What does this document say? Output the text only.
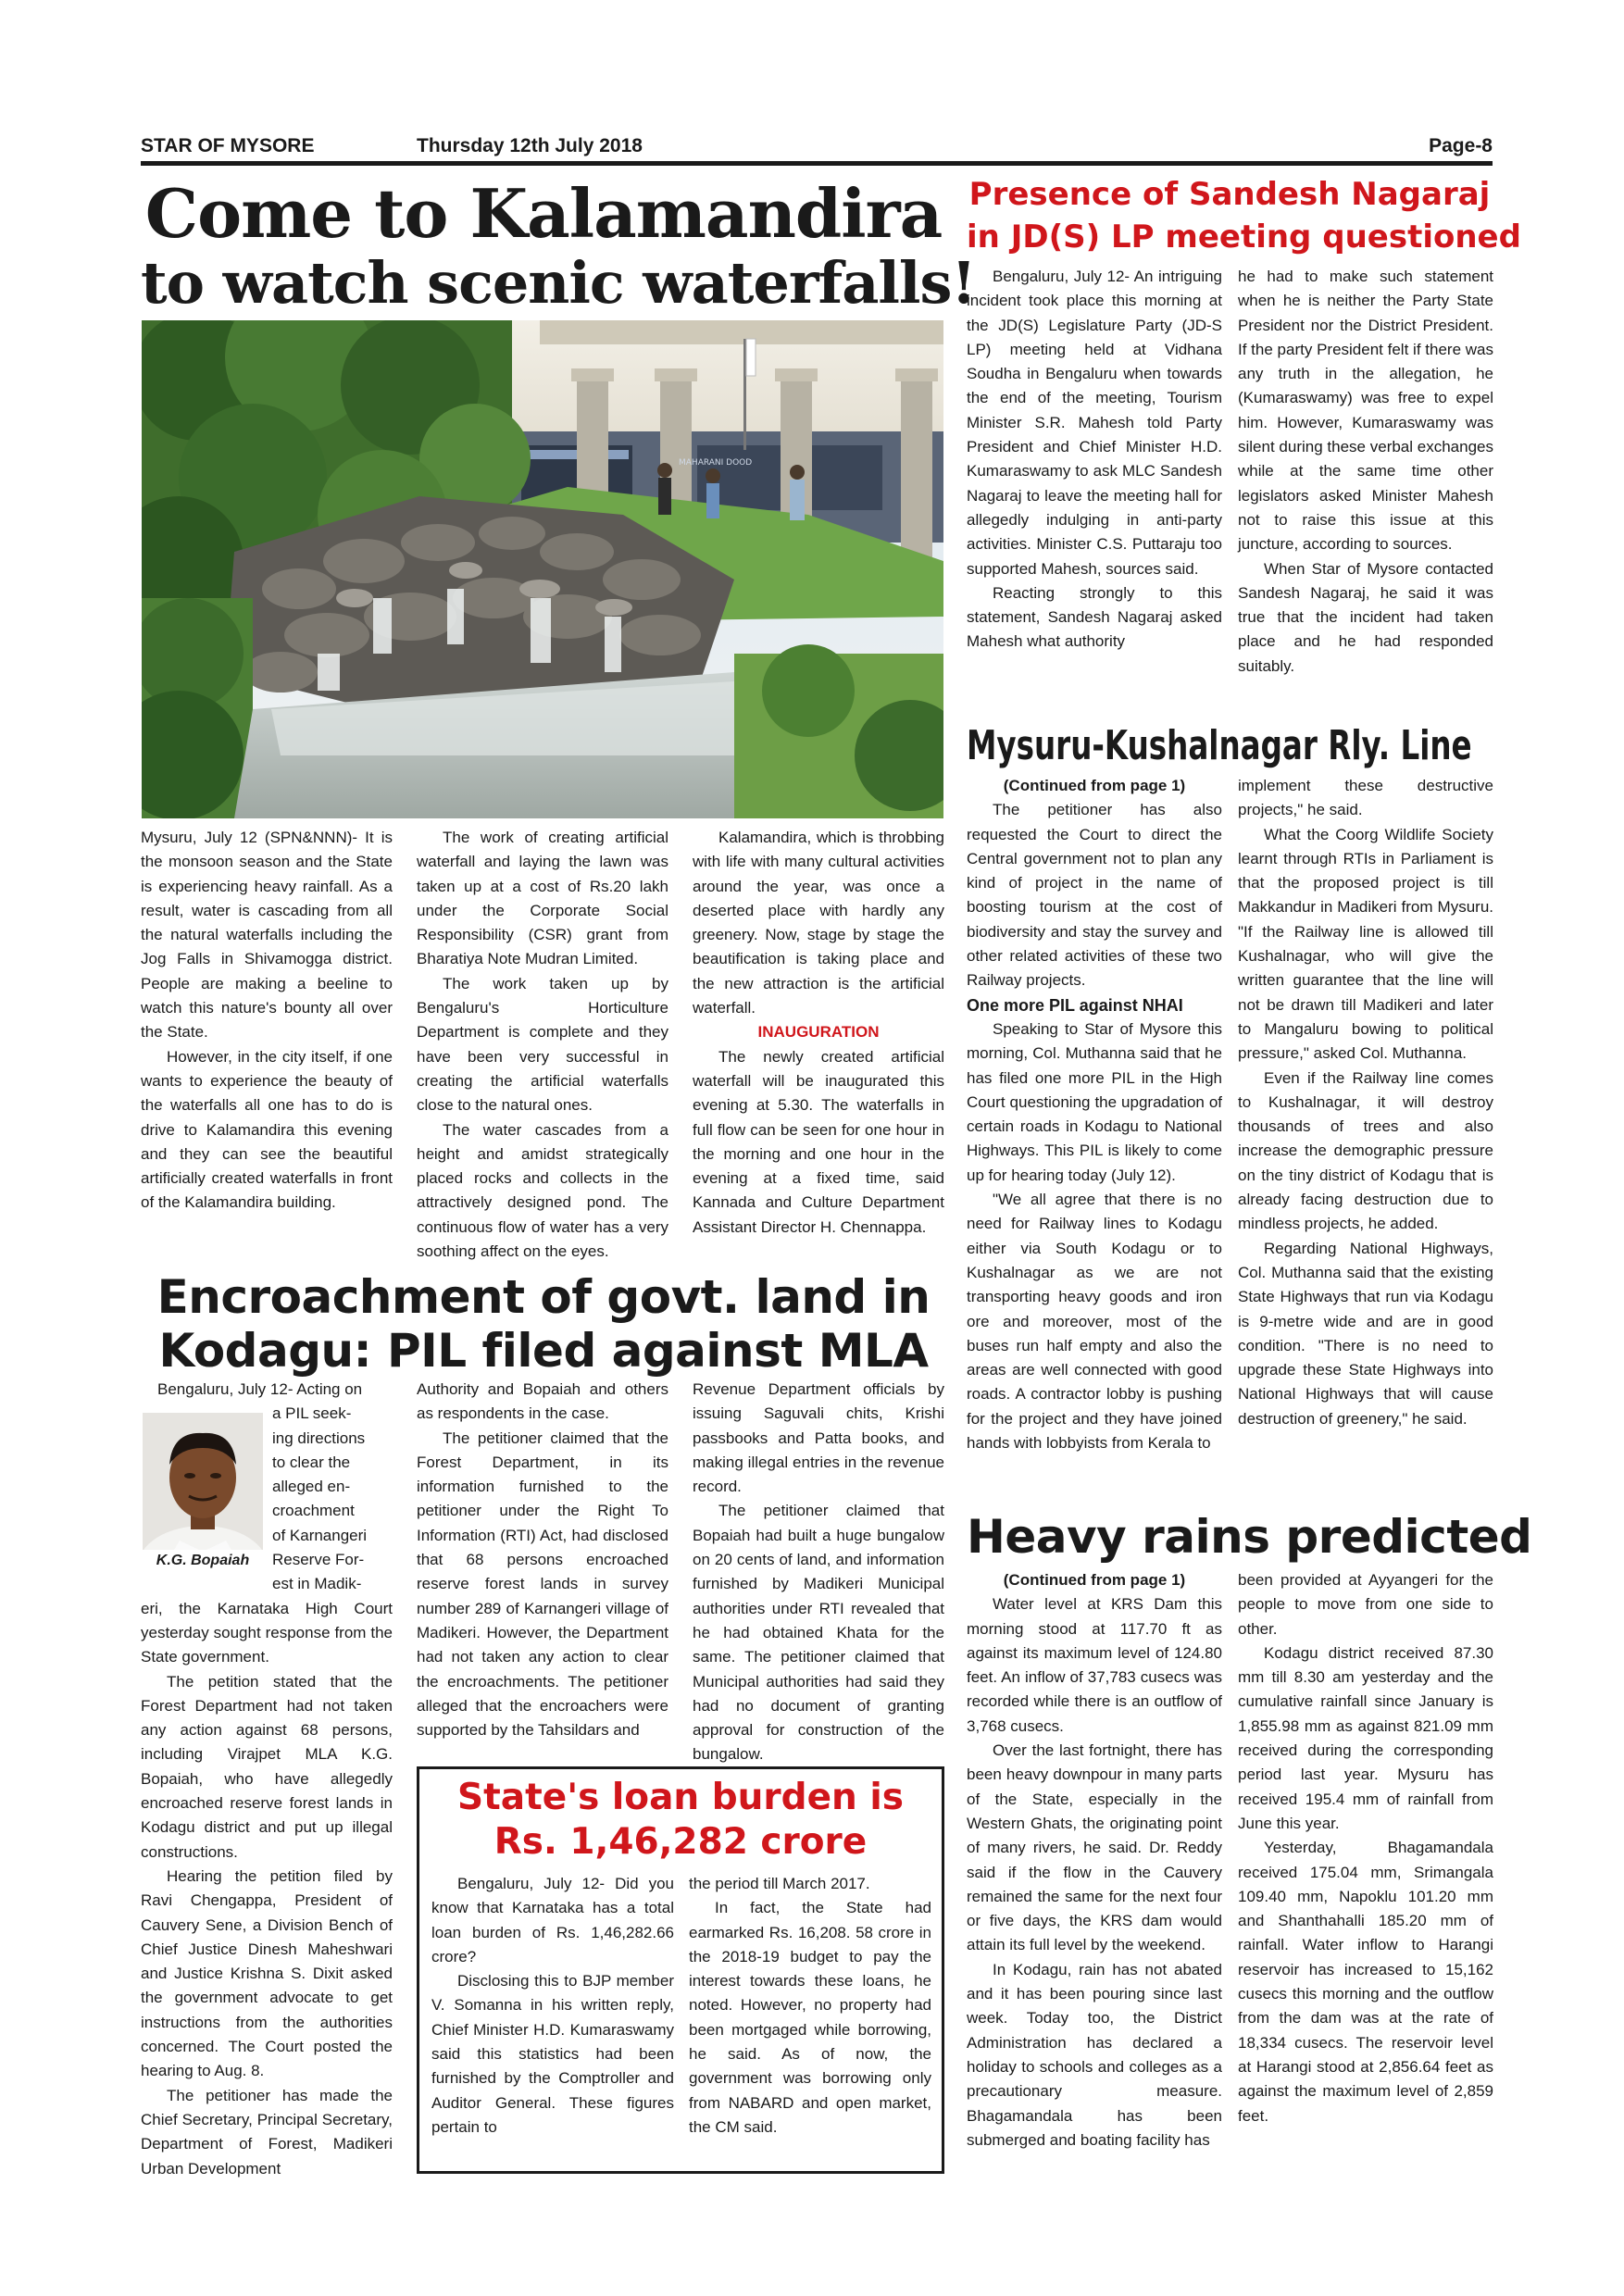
STAR OF MYSORE	Thursday 12th July 2018	Page-8
Come to Kalamandira
to watch scenic waterfalls!
MAHARANI DOOD

Mysuru, July 12 (SPN&NNN)- It is the monsoon season and the State is experiencing heavy rainfall. As a result, water is cascading from all the natural waterfalls including the Jog Falls in Shivamogga district. People are making a beeline to watch this nature's bounty all over the State.

However, in the city itself, if one wants to experience the beauty of the waterfalls all one has to do is drive to Kalamandira this evening and they can see the beautiful artificially created waterfalls in front of the Kalamandira building.

The work of creating artificial waterfall and laying the lawn was taken up at a cost of Rs.20 lakh under the Corporate Social Responsibility (CSR) grant from Bharatiya Note Mudran Limited.

The work taken up by Bengaluru's Horticulture Department is complete and they have been very successful in creating the artificial waterfalls close to the natural ones.

The water cascades from a height and amidst strategically placed rocks and collects in the attractively designed pond. The continuous flow of water has a very soothing affect on the eyes.

Kalamandira, which is throbbing with life with many cultural activities around the year, was once a deserted place with hardly any greenery. Now, stage by stage the beautification is taking place and the new attraction is the artificial waterfall.

INAUGURATION

The newly created artificial waterfall will be inaugurated this evening at 5.30. The waterfalls in full flow can be seen for one hour in the morning and one hour in the evening at a fixed time, said Kannada and Culture Department Assistant Director H. Chennappa.

Presence of Sandesh Nagaraj
in JD(S) LP meeting questioned

Bengaluru, July 12- An intriguing incident took place this morning at the JD(S) Legislature Party (JD-S LP) meeting held at Vidhana Soudha in Bengaluru when towards the end of the meeting, Tourism Minister S.R. Mahesh told Party President and Chief Minister H.D. Kumaraswamy to ask MLC Sandesh Nagaraj to leave the meeting hall for allegedly indulging in anti-party activities. Minister C.S. Puttaraju too supported Mahesh, sources said.

Reacting strongly to this statement, Sandesh Nagaraj asked Mahesh what authority

he had to make such statement when he is neither the Party State President nor the District President. If the party President felt if there was any truth in the allegation, he (Kumaraswamy) was free to expel him. However, Kumaraswamy was silent during these verbal exchanges while at the same time other legislators asked Minister Mahesh not to raise this issue at this juncture, according to sources.

When Star of Mysore contacted Sandesh Nagaraj, he said it was true that the incident had taken place and he had responded suitably.

Mysuru-Kushalnagar Rly. Line

(Continued from page 1)

The petitioner has also requested the Court to direct the Central government not to plan any kind of project in the name of boosting tourism at the cost of biodiversity and stay the survey and other related activities of these two Railway projects.

One more PIL against NHAI

Speaking to Star of Mysore this morning, Col. Muthanna said that he has filed one more PIL in the High Court questioning the upgradation of certain roads in Kodagu to National Highways. This PIL is likely to come up for hearing today (July 12).

"We all agree that there is no need for Railway lines to Kodagu either via South Kodagu or to Kushalnagar as we are not transporting heavy goods and iron ore and moreover, most of the buses run half empty and also the areas are well connected with good roads. A contractor lobby is pushing for the project and they have joined hands with lobbyists from Kerala to

implement these destructive projects," he said.

What the Coorg Wildlife Society learnt through RTIs in Parliament is that the proposed project is till Makkandur in Madikeri from Mysuru. "If the Railway line is allowed till Kushalnagar, who will give the written guarantee that the line will not be drawn till Madikeri and later to Mangaluru bowing to political pressure," asked Col. Muthanna.

Even if the Railway line comes to Kushalnagar, it will destroy thousands of trees and also increase the demographic pressure on the tiny district of Kodagu that is already facing destruction due to mindless projects, he added.

Regarding National Highways, Col. Muthanna said that the existing State Highways that run via Kodagu is 9-metre wide and are in good condition. "There is no need to upgrade these State Highways into National Highways that will cause destruction of greenery," he said.

Encroachment of govt. land in
Kodagu: PIL filed against MLA
K.G. Bopaiah
Bengaluru, July 12- Acting on
a PIL seek-
ing directions
to clear the
alleged en-
croachment
of Karnangeri
Reserve For-
est in Madik-

eri, the Karnataka High Court yesterday sought response from the State government.

The petition stated that the Forest Department had not taken any action against 68 persons, including Virajpet MLA K.G. Bopaiah, who have allegedly encroached reserve forest lands in Kodagu district and put up illegal constructions.

Hearing the petition filed by Ravi Chengappa, President of Cauvery Sene, a Division Bench of Chief Justice Dinesh Maheshwari and Justice Krishna S. Dixit asked the government advocate to get instructions from the authorities concerned. The Court posted the hearing to Aug. 8.

The petitioner has made the Chief Secretary, Principal Secretary, Department of Forest, Madikeri Urban Development

Authority and Bopaiah and others as respondents in the case.

The petitioner claimed that the Forest Department, in its information furnished to the petitioner under the Right To Information (RTI) Act, had disclosed that 68 persons encroached reserve forest lands in survey number 289 of Karnangeri village of Madikeri. However, the Department had not taken any action to clear the encroachments. The petitioner alleged that the encroachers were supported by the Tahsildars and

Revenue Department officials by issuing Saguvali chits, Krishi passbooks and Patta books, and making illegal entries in the revenue record.

The petitioner claimed that Bopaiah had built a huge bungalow on 20 cents of land, and information furnished by Madikeri Municipal authorities under RTI revealed that he had obtained Khata for the same. The petitioner claimed that Municipal authorities had said they had no document of granting approval for construction of the bungalow.

State's loan burden is
Rs. 1,46,282 crore

Bengaluru, July 12- Did you know that Karnataka has a total loan burden of Rs. 1,46,282.66 crore?

Disclosing this to BJP member V. Somanna in his written reply, Chief Minister H.D. Kumaraswamy said this statistics had been furnished by the Comptroller and Auditor General. These figures pertain to

the period till March 2017.

In fact, the State had earmarked Rs. 16,208. 58 crore in the 2018-19 budget to pay the interest towards these loans, he noted. However, no property had been mortgaged while borrowing, he said. As of now, the government was borrowing only from NABARD and open market, the CM said.

Heavy rains predicted

(Continued from page 1)

Water level at KRS Dam this morning stood at 117.70 ft as against its maximum level of 124.80 feet. An inflow of 37,783 cusecs was recorded while there is an outflow of 3,768 cusecs.

Over the last fortnight, there has been heavy downpour in many parts of the State, especially in the Western Ghats, the originating point of many rivers, he said. Dr. Reddy said if the flow in the Cauvery remained the same for the next four or five days, the KRS dam would attain its full level by the weekend.

In Kodagu, rain has not abated and it has been pouring since last week. Today too, the District Administration has declared a holiday to schools and colleges as a precautionary measure. Bhagamandala has been submerged and boating facility has

been provided at Ayyangeri for the people to move from one side to other.

Kodagu district received 87.30 mm till 8.30 am yesterday and the cumulative rainfall since January is 1,855.98 mm as against 821.09 mm received during the corresponding period last year. Mysuru has received 195.4 mm of rainfall from June this year.

Yesterday, Bhagamandala received 175.04 mm, Srimangala 109.40 mm, Napoklu 101.20 mm and Shanthahalli 185.20 mm of rainfall. Water inflow to Harangi reservoir has increased to 15,162 cusecs this morning and the outflow from the dam was at the rate of 18,334 cusecs. The reservoir level at Harangi stood at 2,856.64 feet as against the maximum level of 2,859 feet.
